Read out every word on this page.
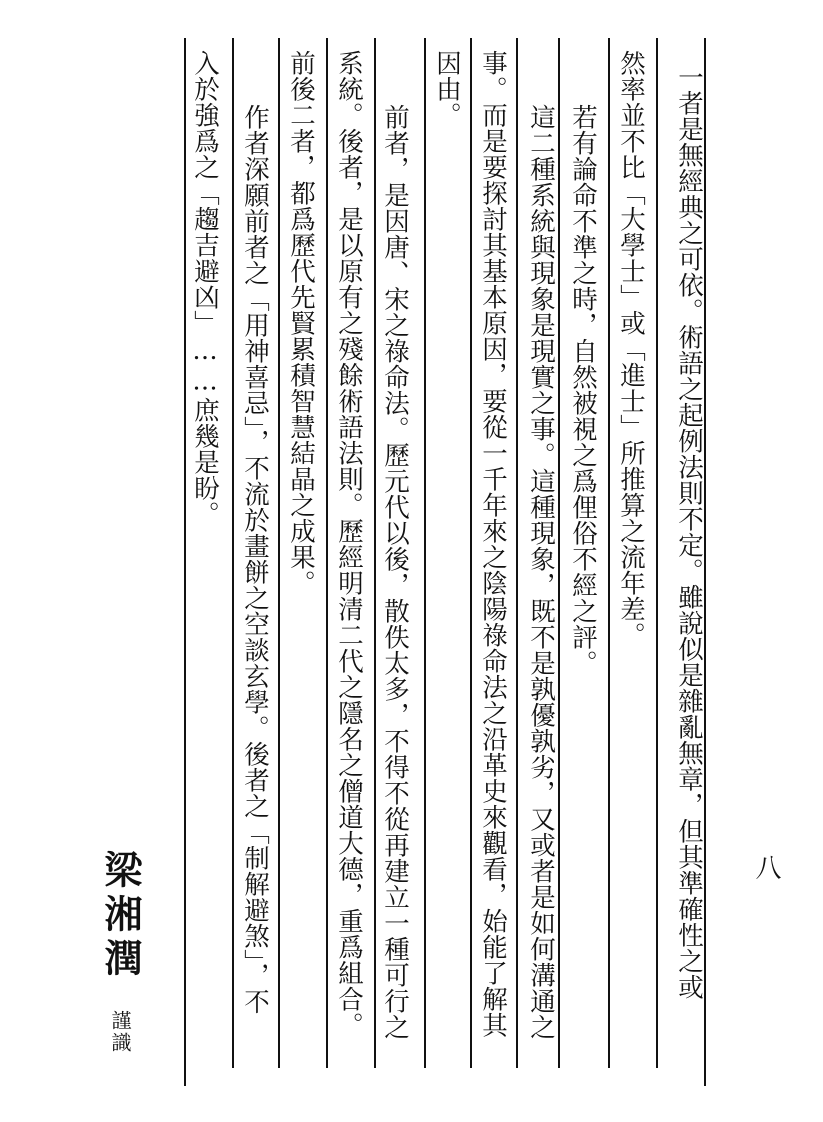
一者是無經典之可依。術語之起例法則不定。雖說似是雜亂無章，但其準確性之或
然率並不比「大學士」或「進士」所推算之流年差。
若有論命不準之時，自然被視之爲俚俗不經之評。
這二種系統與現象是現實之事。這種現象，既不是孰優孰劣，又或者是如何溝通之
事。而是要探討其基本原因，要從一千年來之陰陽祿命法之沿革史來觀看，始能了解其
因由。
前者，是因唐、宋之祿命法。歷元代以後，散佚太多，不得不從再建立一種可行之
系統。後者，是以原有之殘餘術語法則。歷經明清二代之隱名之僧道大德，重爲組合。
前後二者，都爲歷代先賢累積智慧結晶之成果。
作者深願前者之「用神喜忌」，不流於畫餅之空談玄學。後者之「制解避煞」，不
入於強爲之「趨吉避凶」……庶幾是盼。
八
梁湘潤
謹識
